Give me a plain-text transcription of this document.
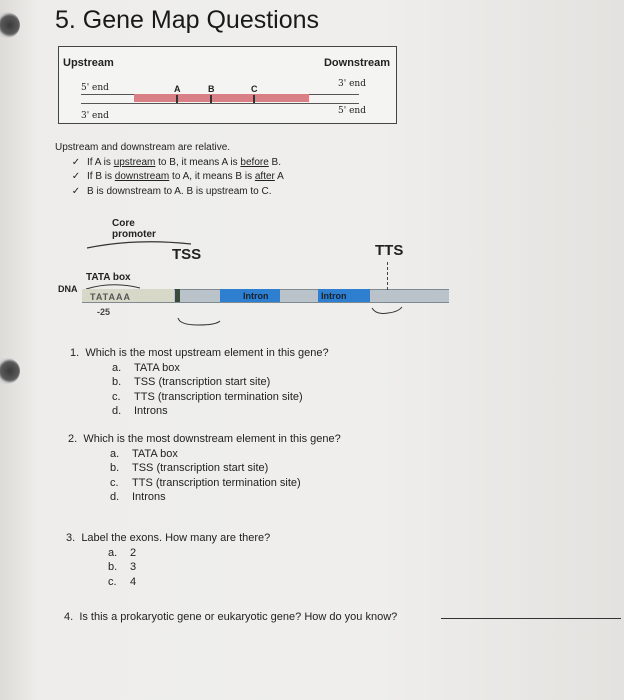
5. Gene Map Questions
Upstream	Downstream
5' end	3' end
3' end	5' end
A	B	C
Upstream and downstream are relative.
✓ If A is upstream to B, it means A is before B.
✓ If B is downstream to A, it means B is after A
✓ B is downstream to A. B is upstream to C.
Core
promoter
TSS	TTS
TATA box
DNA
TATAAA
-25
Intron	Intron
1. Which is the most upstream element in this gene?
a. TATA box
b. TSS (transcription start site)
c. TTS (transcription termination site)
d. Introns
2. Which is the most downstream element in this gene?
a. TATA box
b. TSS (transcription start site)
c. TTS (transcription termination site)
d. Introns
3. Label the exons. How many are there?
a. 2
b. 3
c. 4
4. Is this a prokaryotic gene or eukaryotic gene? How do you know?
